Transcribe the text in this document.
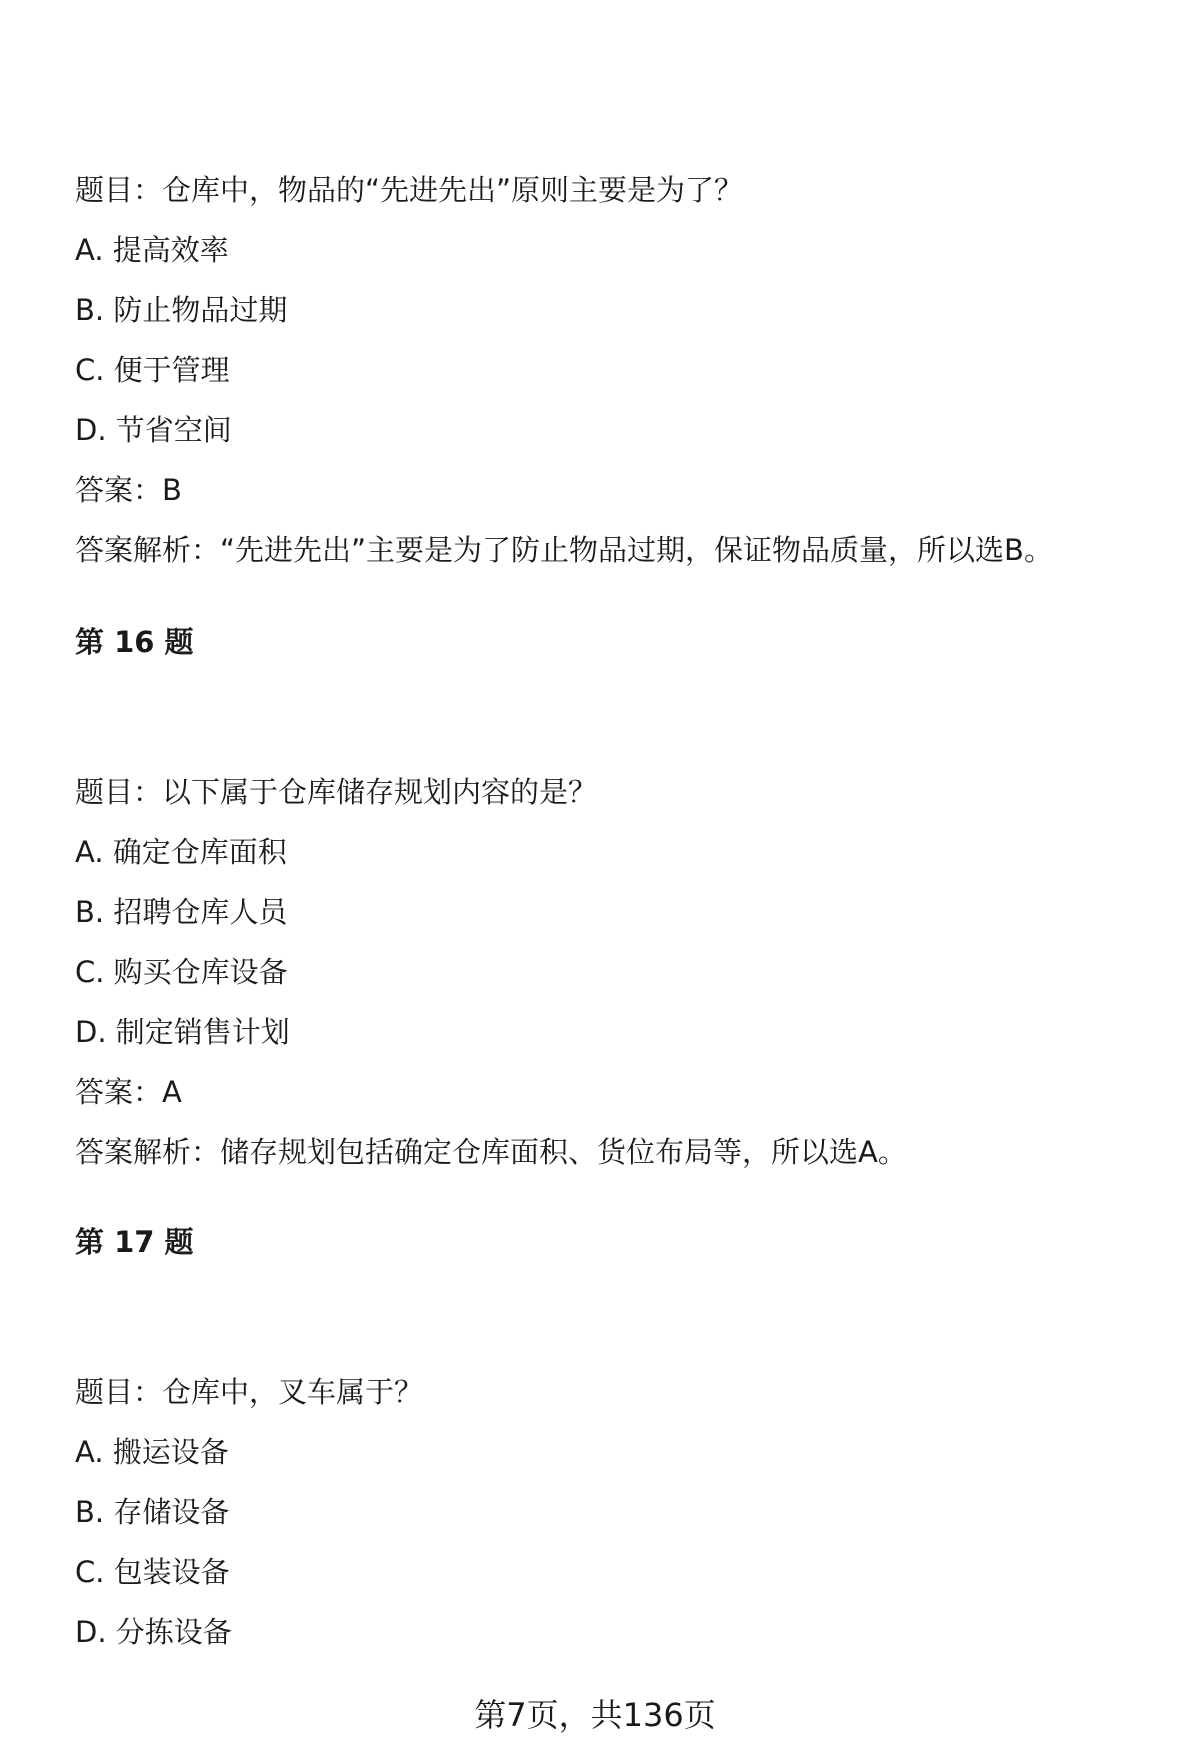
题目：仓库中，物品的“先进先出”原则主要是为了？
A. 提高效率
B. 防止物品过期
C. 便于管理
D. 节省空间
答案：B
答案解析：“先进先出”主要是为了防止物品过期，保证物品质量，所以选B。
第 16 题
题目：以下属于仓库储存规划内容的是？
A. 确定仓库面积
B. 招聘仓库人员
C. 购买仓库设备
D. 制定销售计划
答案：A
答案解析：储存规划包括确定仓库面积、货位布局等，所以选A。
第 17 题
题目：仓库中，叉车属于？
A. 搬运设备
B. 存储设备
C. 包装设备
D. 分拣设备
第7页，共136页
